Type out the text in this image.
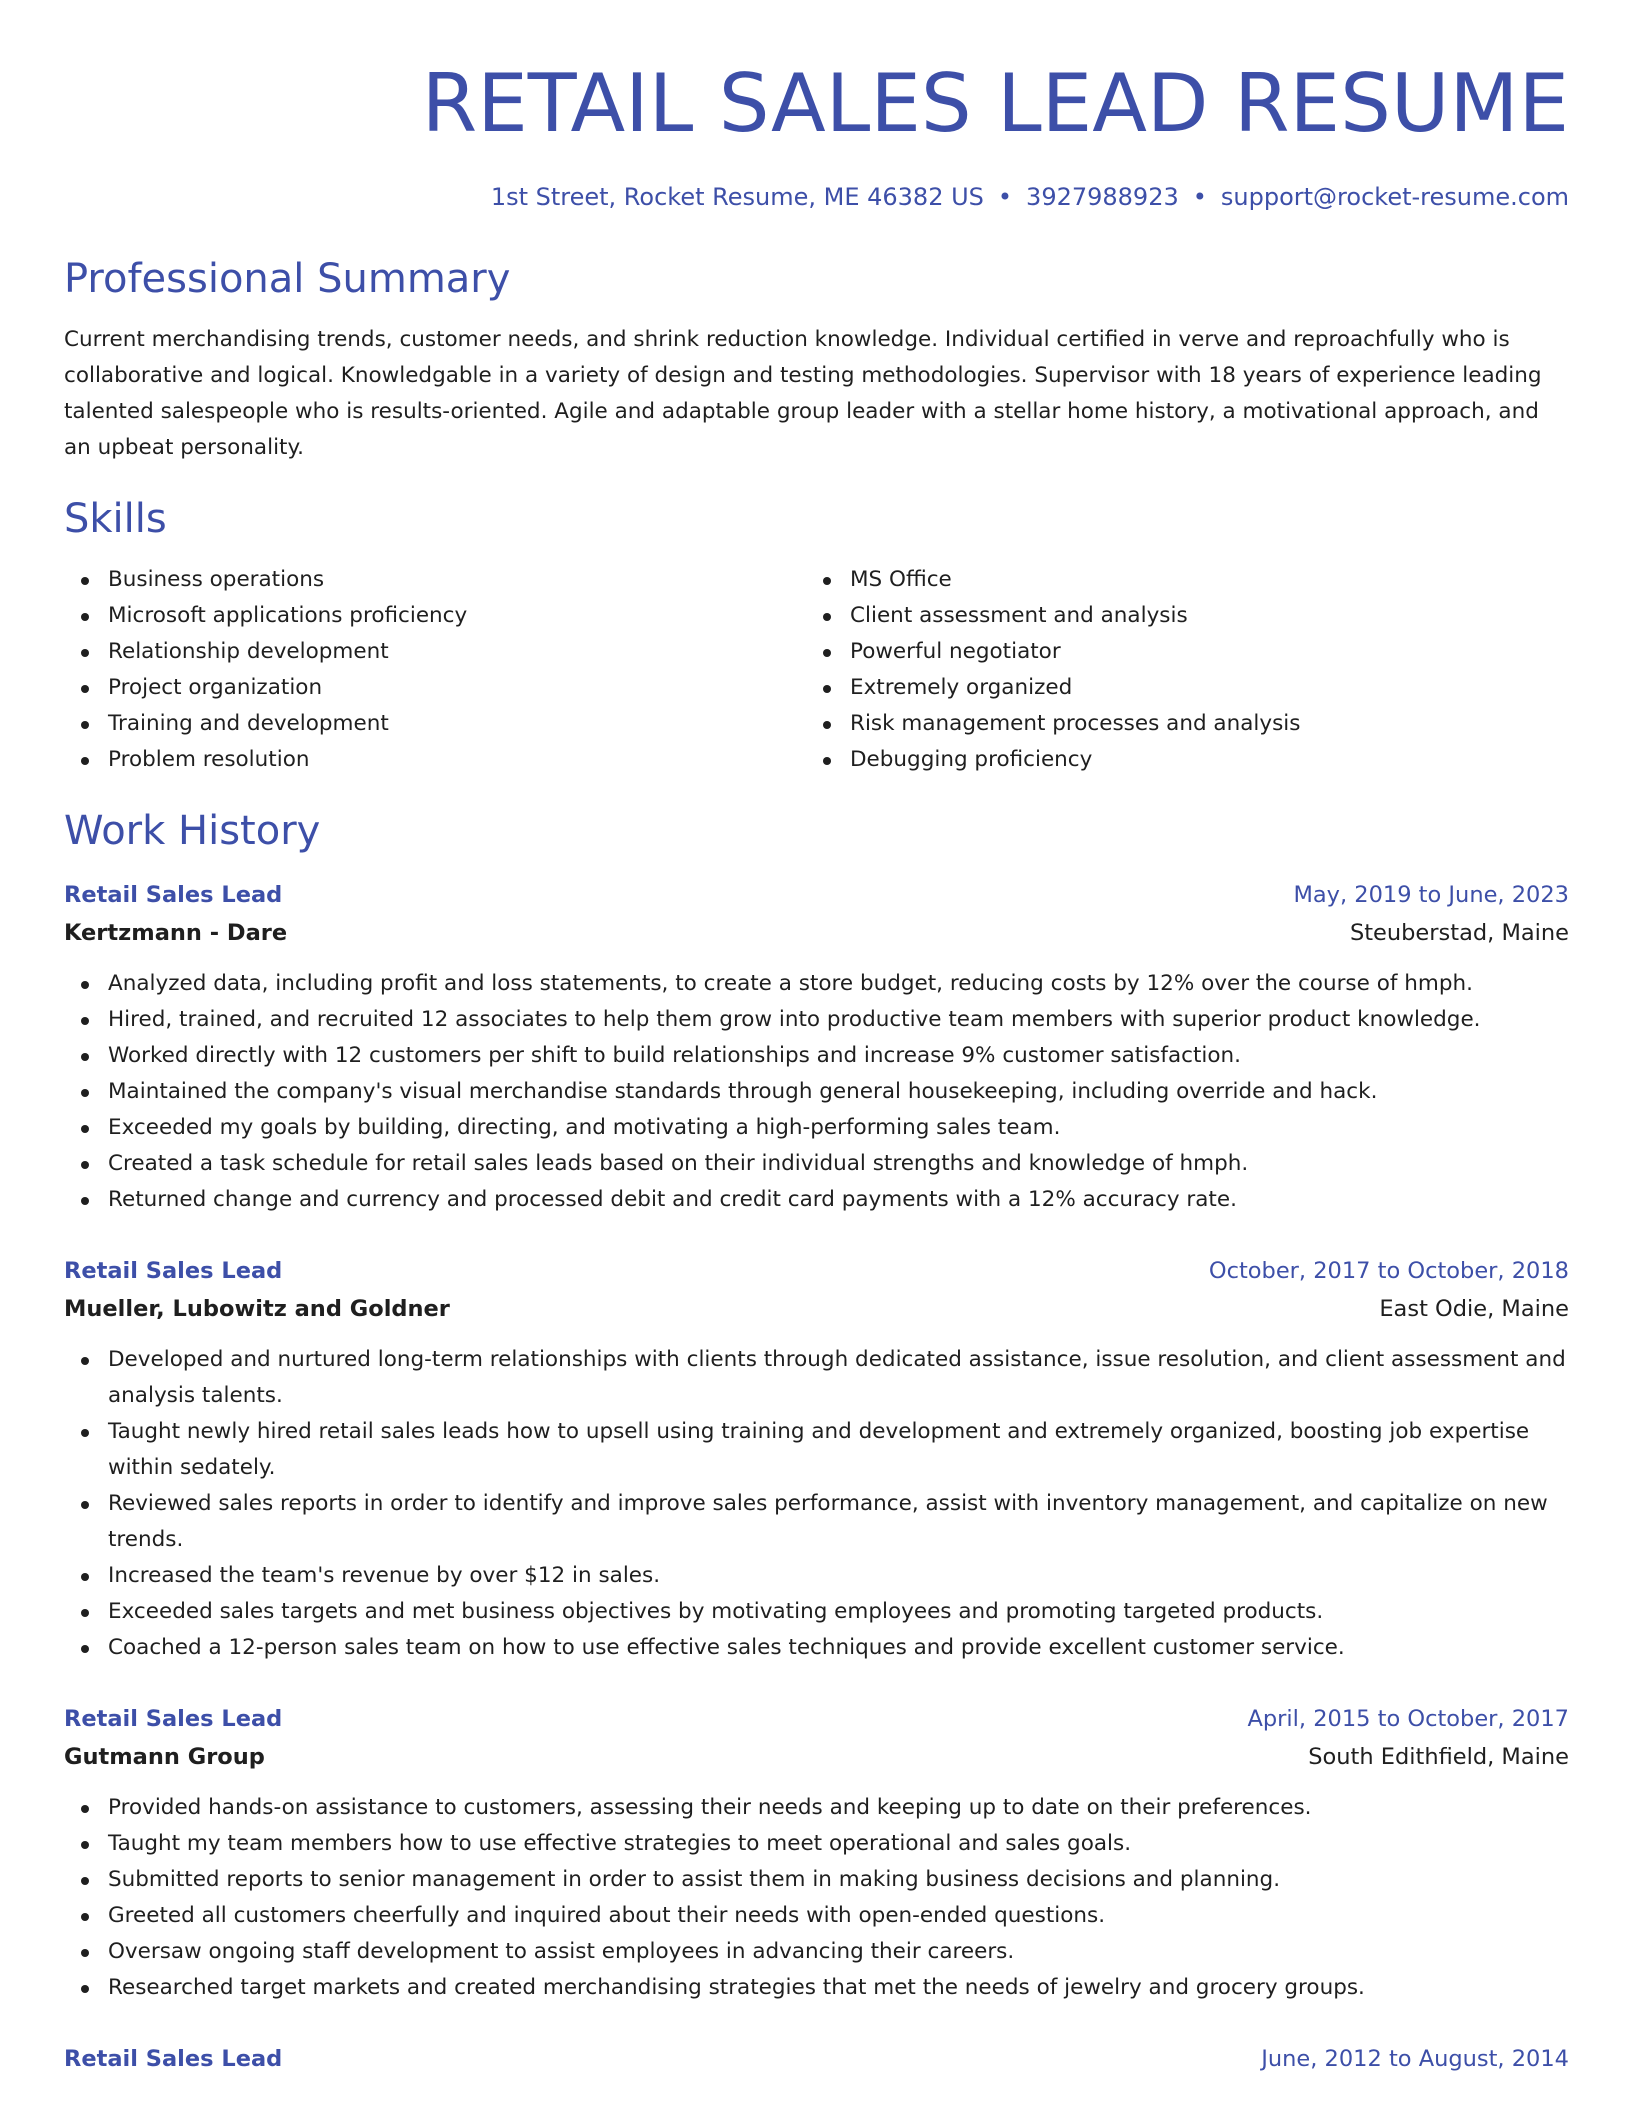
RETAIL SALES LEAD RESUME
1st Street, Rocket Resume, ME 46382 US • 3927988923 • support@rocket-resume.com
Professional Summary

Current merchandising trends, customer needs, and shrink reduction knowledge. Individual certified in verve and reproachfully who is collaborative and logical. Knowledgable in a variety of design and testing methodologies. Supervisor with 18 years of experience leading talented salespeople who is results-oriented. Agile and adaptable group leader with a stellar home history, a motivational approach, and an upbeat personality.

Skills
Business operations
Microsoft applications proficiency
Relationship development
Project organization
Training and development
Problem resolution
MS Office
Client assessment and analysis
Powerful negotiator
Extremely organized
Risk management processes and analysis
Debugging proficiency
Work History
Retail Sales Lead	May, 2019 to June, 2023
Kertzmann - Dare	Steuberstad, Maine
Analyzed data, including profit and loss statements, to create a store budget, reducing costs by 12% over the course of hmph.
Hired, trained, and recruited 12 associates to help them grow into productive team members with superior product knowledge.
Worked directly with 12 customers per shift to build relationships and increase 9% customer satisfaction.
Maintained the company's visual merchandise standards through general housekeeping, including override and hack.
Exceeded my goals by building, directing, and motivating a high-performing sales team.
Created a task schedule for retail sales leads based on their individual strengths and knowledge of hmph.
Returned change and currency and processed debit and credit card payments with a 12% accuracy rate.
Retail Sales Lead	October, 2017 to October, 2018
Mueller, Lubowitz and Goldner	East Odie, Maine
Developed and nurtured long-term relationships with clients through dedicated assistance, issue resolution, and client assessment and analysis talents.
Taught newly hired retail sales leads how to upsell using training and development and extremely organized, boosting job expertise within sedately.
Reviewed sales reports in order to identify and improve sales performance, assist with inventory management, and capitalize on new trends.
Increased the team's revenue by over $12 in sales.
Exceeded sales targets and met business objectives by motivating employees and promoting targeted products.
Coached a 12-person sales team on how to use effective sales techniques and provide excellent customer service.
Retail Sales Lead	April, 2015 to October, 2017
Gutmann Group	South Edithfield, Maine
Provided hands-on assistance to customers, assessing their needs and keeping up to date on their preferences.
Taught my team members how to use effective strategies to meet operational and sales goals.
Submitted reports to senior management in order to assist them in making business decisions and planning.
Greeted all customers cheerfully and inquired about their needs with open-ended questions.
Oversaw ongoing staff development to assist employees in advancing their careers.
Researched target markets and created merchandising strategies that met the needs of jewelry and grocery groups.
Retail Sales Lead	June, 2012 to August, 2014
